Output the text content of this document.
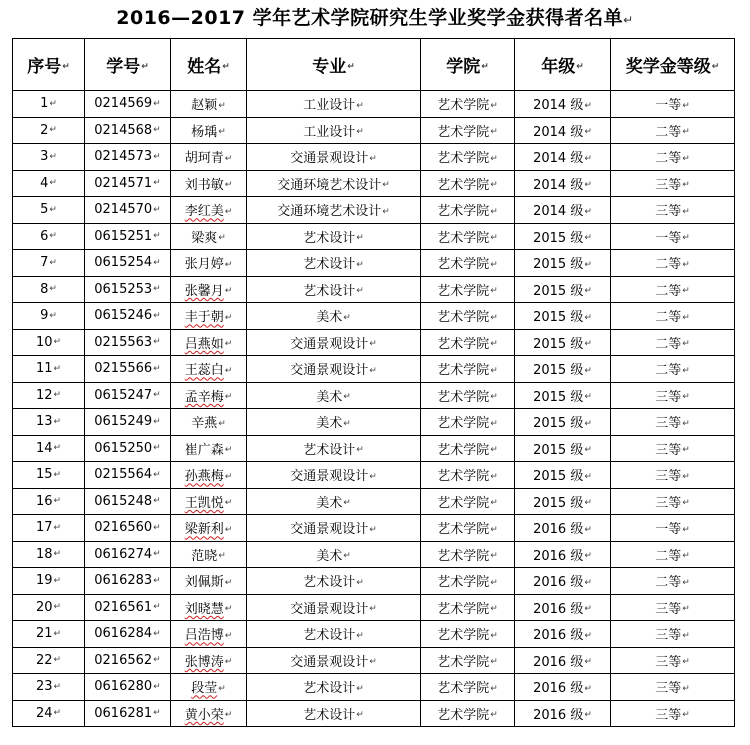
2016—2017 学年艺术学院研究生学业奖学金获得者名单↵
序号↵	学号↵	姓名↵	专业↵	学院↵	年级↵	奖学金等级↵
1↵	0214569↵	赵颖↵	工业设计↵	艺术学院↵	2014 级↵	一等↵
2↵	0214568↵	杨瑀↵	工业设计↵	艺术学院↵	2014 级↵	二等↵
3↵	0214573↵	胡珂青↵	交通景观设计↵	艺术学院↵	2014 级↵	二等↵
4↵	0214571↵	刘书敏↵	交通环境艺术设计↵	艺术学院↵	2014 级↵	三等↵
5↵	0214570↵	李红美↵	交通环境艺术设计↵	艺术学院↵	2014 级↵	三等↵
6↵	0615251↵	梁爽↵	艺术设计↵	艺术学院↵	2015 级↵	一等↵
7↵	0615254↵	张月婷↵	艺术设计↵	艺术学院↵	2015 级↵	二等↵
8↵	0615253↵	张馨月↵	艺术设计↵	艺术学院↵	2015 级↵	二等↵
9↵	0615246↵	丰于朝↵	美术↵	艺术学院↵	2015 级↵	二等↵
10↵	0215563↵	吕燕如↵	交通景观设计↵	艺术学院↵	2015 级↵	二等↵
11↵	0215566↵	王蕊白↵	交通景观设计↵	艺术学院↵	2015 级↵	二等↵
12↵	0615247↵	孟辛梅↵	美术↵	艺术学院↵	2015 级↵	三等↵
13↵	0615249↵	辛燕↵	美术↵	艺术学院↵	2015 级↵	三等↵
14↵	0615250↵	崔广森↵	艺术设计↵	艺术学院↵	2015 级↵	三等↵
15↵	0215564↵	孙燕梅↵	交通景观设计↵	艺术学院↵	2015 级↵	三等↵
16↵	0615248↵	王凯悦↵	美术↵	艺术学院↵	2015 级↵	三等↵
17↵	0216560↵	梁新利↵	交通景观设计↵	艺术学院↵	2016 级↵	一等↵
18↵	0616274↵	范晓↵	美术↵	艺术学院↵	2016 级↵	二等↵
19↵	0616283↵	刘佩斯↵	艺术设计↵	艺术学院↵	2016 级↵	二等↵
20↵	0216561↵	刘晓慧↵	交通景观设计↵	艺术学院↵	2016 级↵	三等↵
21↵	0616284↵	吕浩博↵	艺术设计↵	艺术学院↵	2016 级↵	三等↵
22↵	0216562↵	张博涛↵	交通景观设计↵	艺术学院↵	2016 级↵	三等↵
23↵	0616280↵	段莹↵	艺术设计↵	艺术学院↵	2016 级↵	三等↵
24↵	0616281↵	黄小荣↵	艺术设计↵	艺术学院↵	2016 级↵	三等↵
